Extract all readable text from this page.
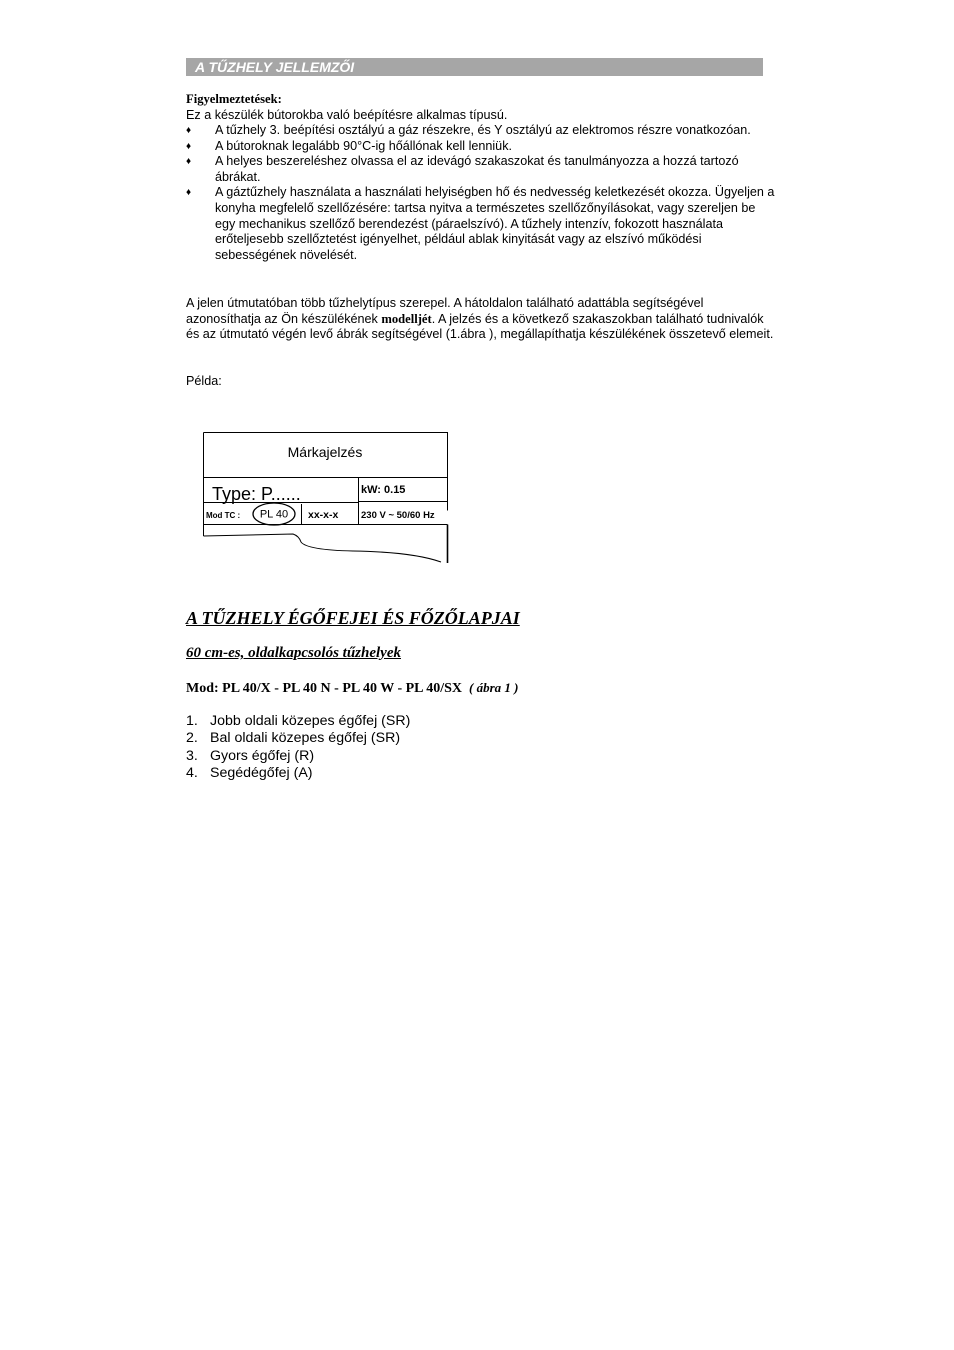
A TŰZHELY JELLEMZŐI
Figyelmeztetések:
Ez a készülék bútorokba való beépítésre alkalmas típusú.
♦ A tűzhely 3. beépítési osztályú a gáz részekre, és Y osztályú az elektromos részre vonatkozóan.
♦ A bútoroknak legalább 90°C-ig hőállónak kell lenniük.
♦ A helyes beszereléshez olvassa el az idevágó szakaszokat és tanulmányozza a hozzá tartozó ábrákat.
♦ A gáztűzhely használata a használati helyiségben hő és nedvesség keletkezését okozza. Ügyeljen a konyha megfelelő szellőzésére: tartsa nyitva a természetes szellőzőnyílásokat, vagy szereljen be egy mechanikus szellőző berendezést (páraelszívó). A tűzhely intenzív, fokozott használata erőteljesebb szellőztetést igényelhet, például ablak kinyitását vagy az elszívó működési sebességének növelését.
A jelen útmutatóban több tűzhelytípus szerepel. A hátoldalon található adattábla segítségével azonosíthatja az Ön készülékének modelljét. A jelzés és a következő szakaszokban található tudnivalók és az útmutató végén levő ábrák segítségével (1.ábra ), megállapíthatja készülékének összetevő elemeit.
Példa:
Márkajelzés
Type: P......	kW: 0.15
Mod TC : PL 40 xx-x-x 230 V ~ 50/60 Hz
A TŰZHELY ÉGŐFEJEI ÉS FŐZŐLAPJAI
60 cm-es, oldalkapcsolós tűzhelyek
Mod: PL 40/X - PL 40 N - PL 40 W - PL 40/SX ( ábra 1 )
1. Jobb oldali közepes égőfej (SR)
2. Bal oldali közepes égőfej (SR)
3. Gyors égőfej (R)
4. Segédégőfej (A)
